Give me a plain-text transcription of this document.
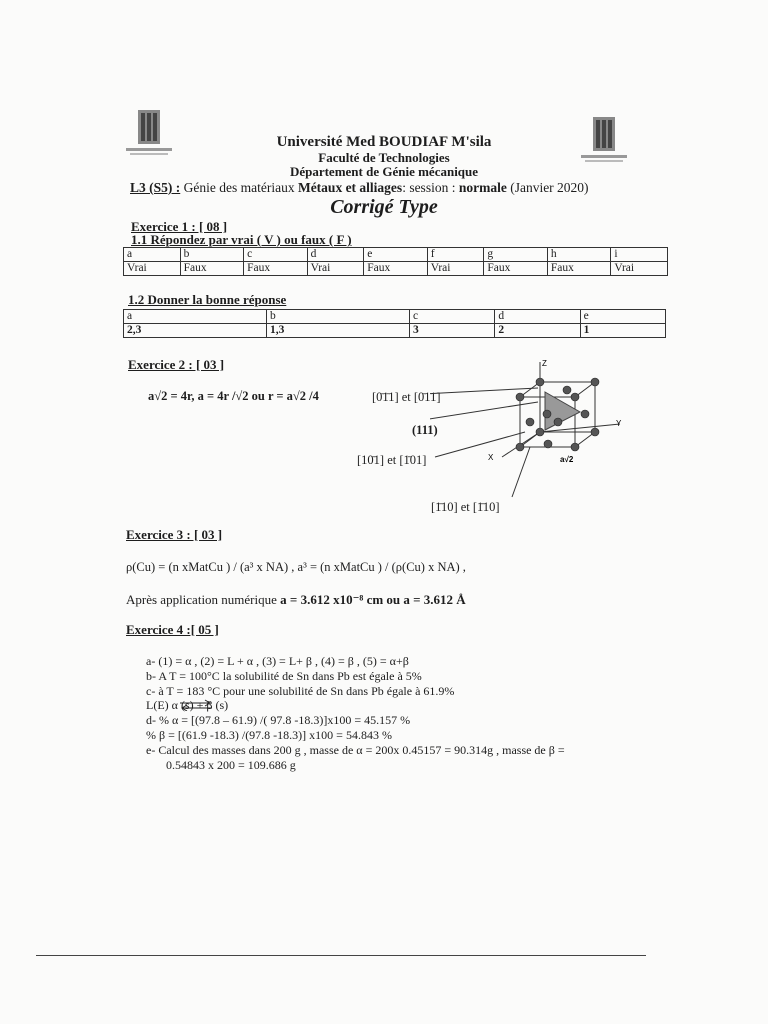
Université Med BOUDIAF M'sila
Faculté de Technologies
Département de Génie mécanique
L3 (S5) : Génie des matériaux Métaux et alliages: session : normale (Janvier 2020)
Corrigé Type
Exercice 1 : [ 08 ]
1.1 Répondez par vrai ( V ) ou faux ( F )
a	b	c	d	e	f	g	h	i
Vrai	Faux	Faux	Vrai	Faux	Vrai	Faux	Faux	Vrai
1.2 Donner la bonne réponse
a	b	c	d	e
2,3	1,3	3	2	1
Exercice 2 : [ 03 ]
a√2 = 4r, a = 4r /√2 ou r = a√2 /4	[0̄1̄1] et [0̄11]
(111)
[10̄1] et [1̄01]
[1̄10] et [1̄10]
Z
Y
X	a√2
Exercice 3 : [ 03 ]
ρ(Cu) = (n xMatCu ) / (a³ x NA) , a³ = (n xMatCu ) / (ρ(Cu) x NA) ,
Après application numérique a = 3.612 x10⁻⁸ cm ou a = 3.612 Å
Exercice 4 :[ 05 ]
a- (1) = α , (2) = L + α , (3) = L+ β , (4) = β , (5) = α+β
b- A T = 100°C la solubilité de Sn dans Pb est égale à 5%
c- à T = 183 °C pour une solubilité de Sn dans Pb égale à 61.9%
L(E) α (s) + β (s)
d- % α = [(97.8 – 61.9) /( 97.8 -18.3)]x100 = 45.157 %
% β = [(61.9 -18.3) /(97.8 -18.3)] x100 = 54.843 %
e- Calcul des masses dans 200 g , masse de α = 200x 0.45157 = 90.314g , masse de β =
0.54843 x 200 = 109.686 g
